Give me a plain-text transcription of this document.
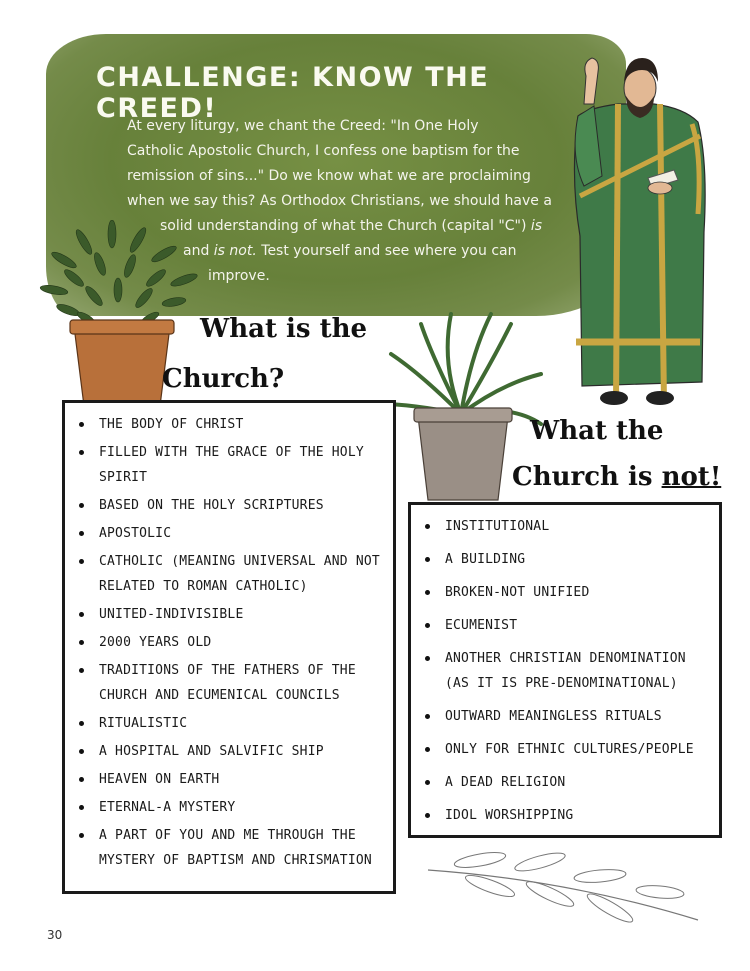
CHALLENGE: KNOW THE CREED!
At every liturgy, we chant the Creed: "In One Holy
Catholic Apostolic Church, I confess one baptism for the
remission of sins..." Do we know what we are proclaiming
when we say this? As Orthodox Christians, we should have a
solid understanding of what the Church (capital "C") is
and is not. Test yourself and see where you can
improve.
What is the
Church?
What the
Church is not!
THE BODY OF CHRIST
FILLED WITH THE GRACE OF THE HOLY SPIRIT
BASED ON THE HOLY SCRIPTURES
APOSTOLIC
CATHOLIC (MEANING UNIVERSAL AND NOT RELATED TO ROMAN CATHOLIC)
UNITED-INDIVISIBLE
2000 YEARS OLD
TRADITIONS OF THE FATHERS OF THE CHURCH AND ECUMENICAL COUNCILS
RITUALISTIC
A HOSPITAL AND SALVIFIC SHIP
HEAVEN ON EARTH
ETERNAL-A MYSTERY
A PART OF YOU AND ME THROUGH THE MYSTERY OF BAPTISM AND CHRISMATION
INSTITUTIONAL
A BUILDING
BROKEN-NOT UNIFIED
ECUMENIST
ANOTHER CHRISTIAN DENOMINATION (AS IT IS PRE-DENOMINATIONAL)
OUTWARD MEANINGLESS RITUALS
ONLY FOR ETHNIC CULTURES/PEOPLE
A DEAD RELIGION
IDOL WORSHIPPING
30
